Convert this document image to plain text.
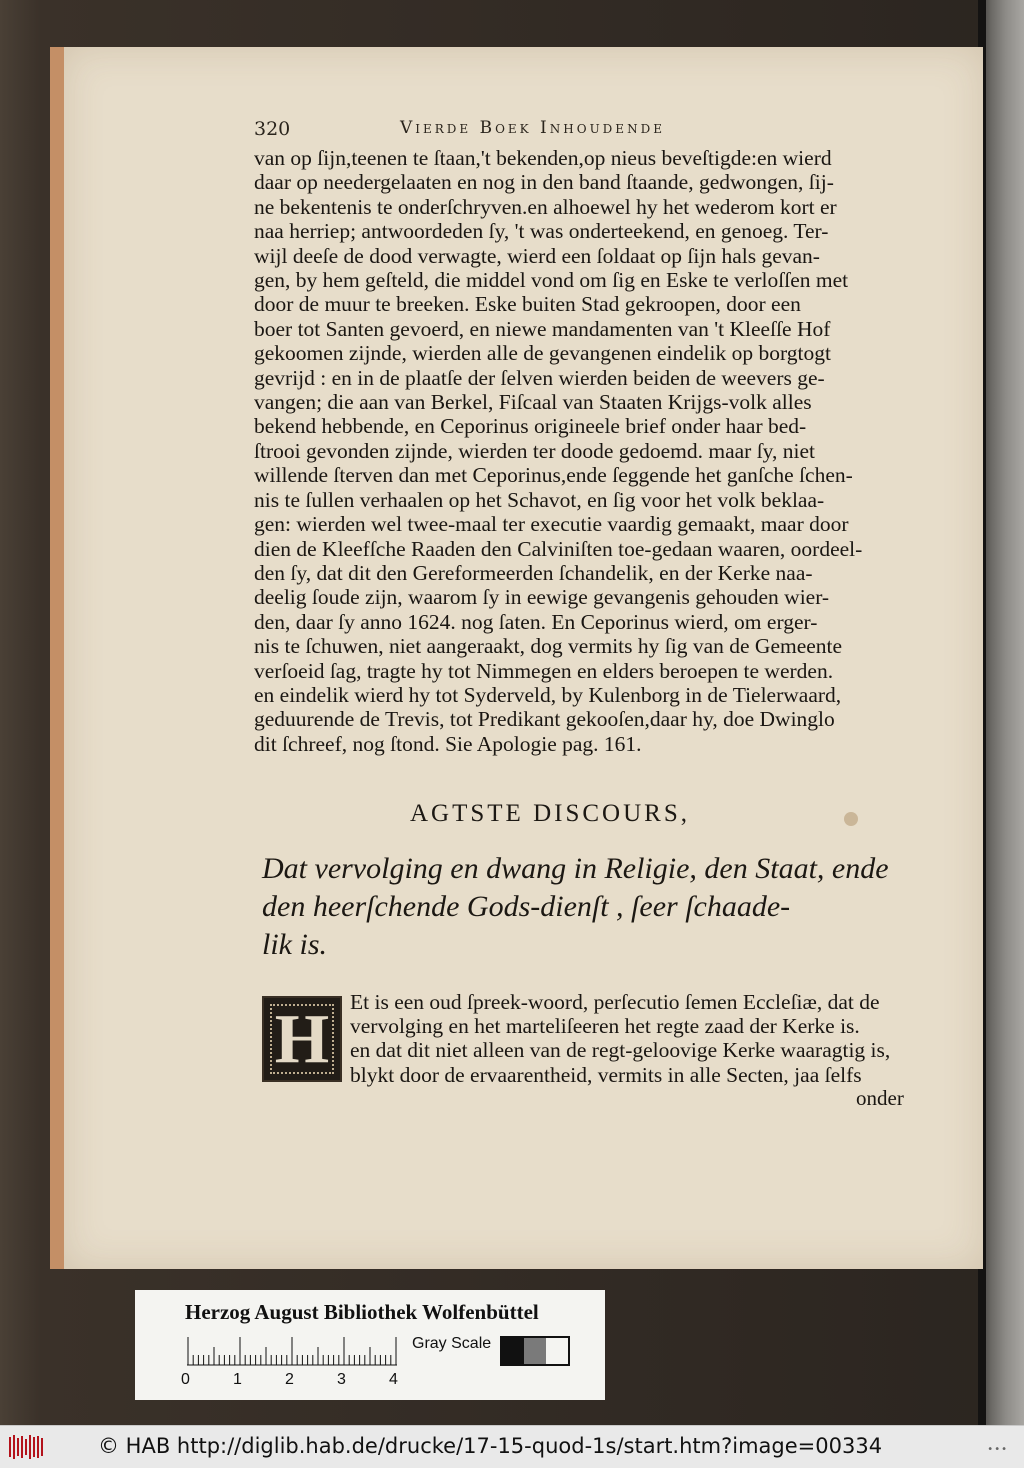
320	Vierde Boek Inhoudende
van op ſijn,teenen te ſtaan,'t bekenden,op nieus beveſtigde:en wierd
daar op needergelaaten en nog in den band ſtaande, gedwongen, ſij-
ne bekentenis te onderſchryven.en alhoewel hy het wederom kort er
naa herriep; antwoordeden ſy, 't was onderteekend, en genoeg. Ter-
wijl deeſe de dood verwagte, wierd een ſoldaat op ſijn hals gevan-
gen, by hem geſteld, die middel vond om ſig en Eske te verloſſen met
door de muur te breeken. Eske buiten Stad gekroopen, door een
boer tot Santen gevoerd, en niewe mandamenten van 't Kleeſſe Hof
gekoomen zijnde, wierden alle de gevangenen eindelik op borgtogt
gevrijd : en in de plaatſe der ſelven wierden beiden de weevers ge-
vangen; die aan van Berkel, Fiſcaal van Staaten Krijgs-volk alles
bekend hebbende, en Ceporinus origineele brief onder haar bed-
ſtrooi gevonden zijnde, wierden ter doode gedoemd. maar ſy, niet
willende ſterven dan met Ceporinus,ende ſeggende het ganſche ſchen-
nis te ſullen verhaalen op het Schavot, en ſig voor het volk beklaa-
gen: wierden wel twee-maal ter executie vaardig gemaakt, maar door
dien de Kleefſche Raaden den Calviniſten toe-gedaan waaren, oordeel-
den ſy, dat dit den Gereformeerden ſchandelik, en der Kerke naa-
deelig ſoude zijn, waarom ſy in eewige gevangenis gehouden wier-
den, daar ſy anno 1624. nog ſaten. En Ceporinus wierd, om erger-
nis te ſchuwen, niet aangeraakt, dog vermits hy ſig van de Gemeente
verſoeid ſag, tragte hy tot Nimmegen en elders beroepen te werden.
en eindelik wierd hy tot Syderveld, by Kulenborg in de Tielerwaard,
geduurende de Trevis, tot Predikant gekooſen,daar hy, doe Dwinglo
dit ſchreef, nog ſtond. Sie Apologie pag. 161.
AGTSTE DISCOURS,
Dat vervolging en dwang in Religie, den Staat, ende
den heerſchende Gods-dienſt , ſeer ſchaade-
lik is.
H Et is een oud ſpreek-woord, perſecutio ſemen Eccleſiæ, dat de
vervolging en het marteliſeeren het regte zaad der Kerke is.
en dat dit niet alleen van de regt-geloovige Kerke waaragtig is,
blykt door de ervaarentheid, vermits in alle Secten, jaa ſelfs
onder
Herzog August Bibliothek Wolfenbüttel
0	1	2	3	4
Gray Scale
© HAB http://diglib.hab.de/drucke/17-15-quod-1s/start.htm?image=00334	•••
